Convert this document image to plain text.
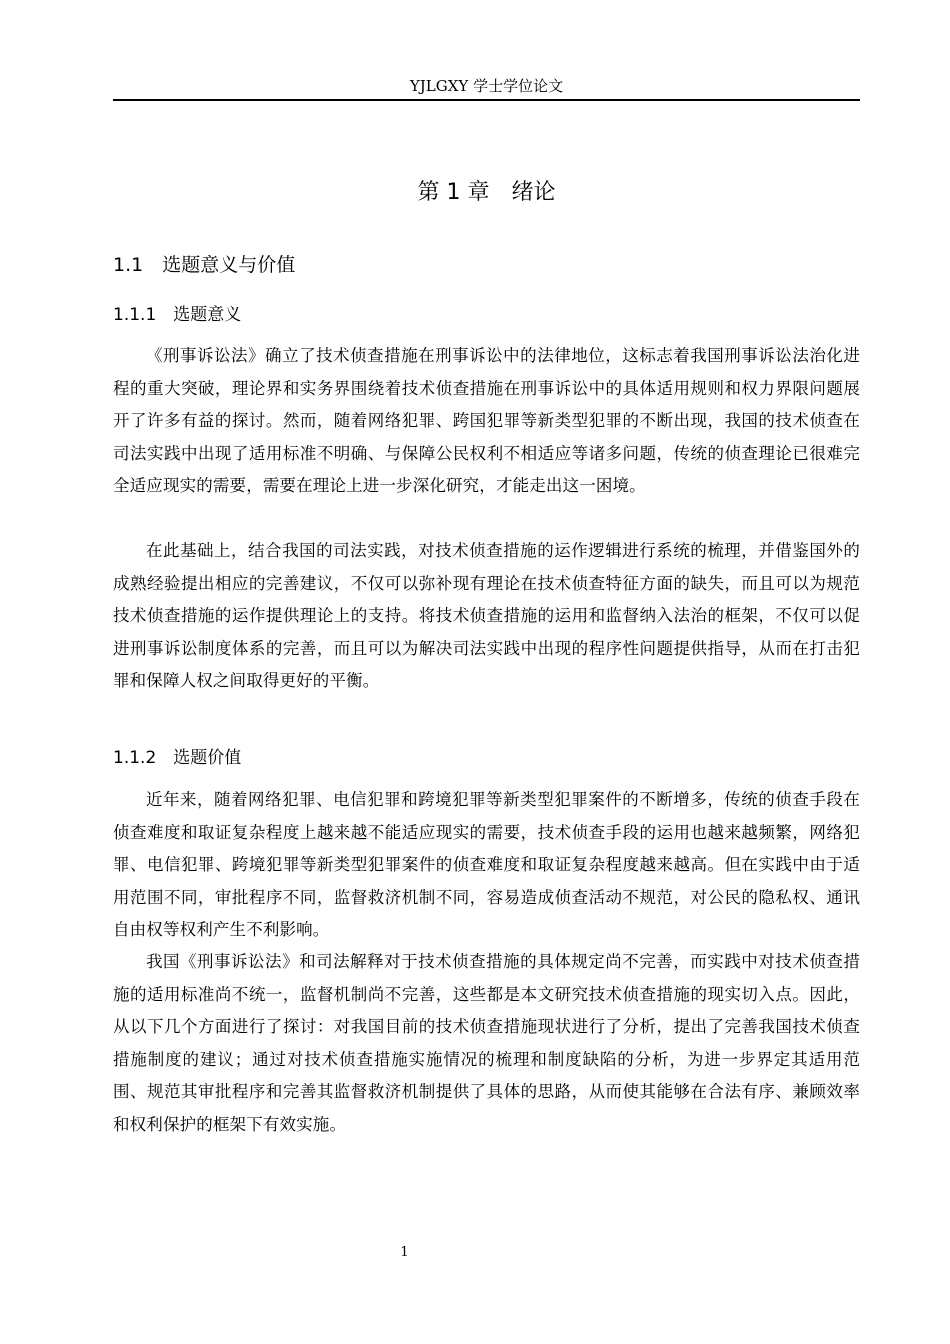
YJLGXY 学士学位论文
第 1 章　绪论
1.1　选题意义与价值
1.1.1　选题意义

《刑事诉讼法》确立了技术侦查措施在刑事诉讼中的法律地位，这标志着我国刑事诉讼法治化进程的重大突破，理论界和实务界围绕着技术侦查措施在刑事诉讼中的具体适用规则和权力界限问题展开了许多有益的探讨。然而，随着网络犯罪、跨国犯罪等新类型犯罪的不断出现，我国的技术侦查在司法实践中出现了适用标准不明确、与保障公民权利不相适应等诸多问题，传统的侦查理论已很难完全适应现实的需要，需要在理论上进一步深化研究，才能走出这一困境。

在此基础上，结合我国的司法实践，对技术侦查措施的运作逻辑进行系统的梳理，并借鉴国外的成熟经验提出相应的完善建议，不仅可以弥补现有理论在技术侦查特征方面的缺失，而且可以为规范技术侦查措施的运作提供理论上的支持。将技术侦查措施的运用和监督纳入法治的框架，不仅可以促进刑事诉讼制度体系的完善，而且可以为解决司法实践中出现的程序性问题提供指导，从而在打击犯罪和保障人权之间取得更好的平衡。

1.1.2　选题价值

近年来，随着网络犯罪、电信犯罪和跨境犯罪等新类型犯罪案件的不断增多，传统的侦查手段在侦查难度和取证复杂程度上越来越不能适应现实的需要，技术侦查手段的运用也越来越频繁，网络犯罪、电信犯罪、跨境犯罪等新类型犯罪案件的侦查难度和取证复杂程度越来越高。但在实践中由于适用范围不同，审批程序不同，监督救济机制不同，容易造成侦查活动不规范，对公民的隐私权、通讯自由权等权利产生不利影响。

我国《刑事诉讼法》和司法解释对于技术侦查措施的具体规定尚不完善，而实践中对技术侦查措施的适用标准尚不统一，监督机制尚不完善，这些都是本文研究技术侦查措施的现实切入点。因此，从以下几个方面进行了探讨：对我国目前的技术侦查措施现状进行了分析，提出了完善我国技术侦查措施制度的建议；通过对技术侦查措施实施情况的梳理和制度缺陷的分析，为进一步界定其适用范围、规范其审批程序和完善其监督救济机制提供了具体的思路，从而使其能够在合法有序、兼顾效率和权利保护的框架下有效实施。

1
